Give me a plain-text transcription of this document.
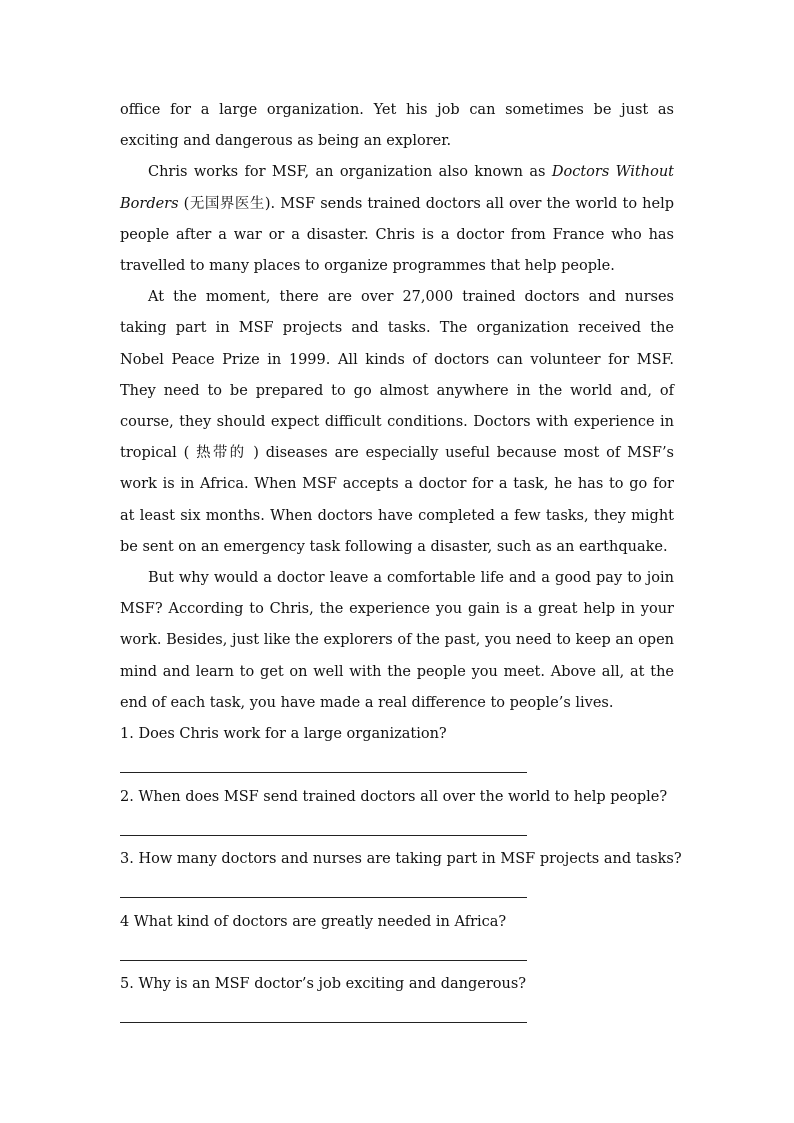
office for a large organization. Yet his job can sometimes be just as exciting and dangerous as being an explorer.

Chris works for MSF, an organization also known as Doctors Without Borders (无国界医生). MSF sends trained doctors all over the world to help people after a war or a disaster. Chris is a doctor from France who has travelled to many places to organize programmes that help people.

At the moment, there are over 27,000 trained doctors and nurses taking part in MSF projects and tasks. The organization received the Nobel Peace Prize in 1999. All kinds of doctors can volunteer for MSF. They need to be prepared to go almost anywhere in the world and, of course, they should expect difficult conditions. Doctors with experience in tropical ( 热带的 ) diseases are especially useful because most of MSF’s work is in Africa. When MSF accepts a doctor for a task, he has to go for at least six months. When doctors have completed a few tasks, they might be sent on an emergency task following a disaster, such as an earthquake.

But why would a doctor leave a comfortable life and a good pay to join MSF? According to Chris, the experience you gain is a great help in your work. Besides, just like the explorers of the past, you need to keep an open mind and learn to get on well with the people you meet. Above all, at the end of each task, you have made a real difference to people’s lives.

1. Does Chris work for a large organization?

2. When does MSF send trained doctors all over the world to help people?

3. How many doctors and nurses are taking part in MSF projects and tasks?

4 What kind of doctors are greatly needed in Africa?

5. Why is an MSF doctor’s job exciting and dangerous?
